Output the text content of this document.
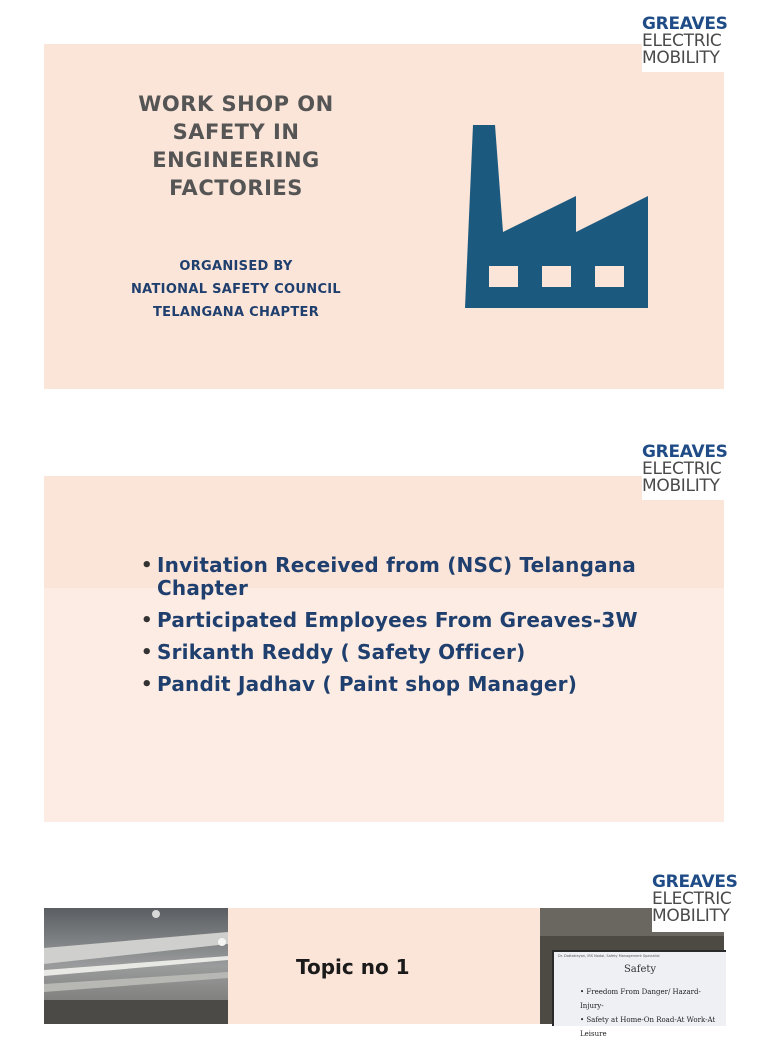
GREAVES
ELECTRIC
MOBILITY
WORK SHOP ON
SAFETY IN
ENGINEERING
FACTORIES
ORGANISED BY
NATIONAL SAFETY COUNCIL
TELANGANA CHAPTER
GREAVES
ELECTRIC
MOBILITY
• Invitation Received from (NSC) Telangana Chapter
• Participated Employees From Greaves-3W
• Srikanth Reddy ( Safety Officer)
• Pandit Jadhav ( Paint shop Manager)
Topic no 1	Dr. Dattatreyan, IRS Nodal, Safety Management Specialist
Safety
• Freedom From Danger/ Hazard- Injury-
• Safety at Home-On Road-At Work-At Leisure
GREAVES
ELECTRIC
MOBILITY
